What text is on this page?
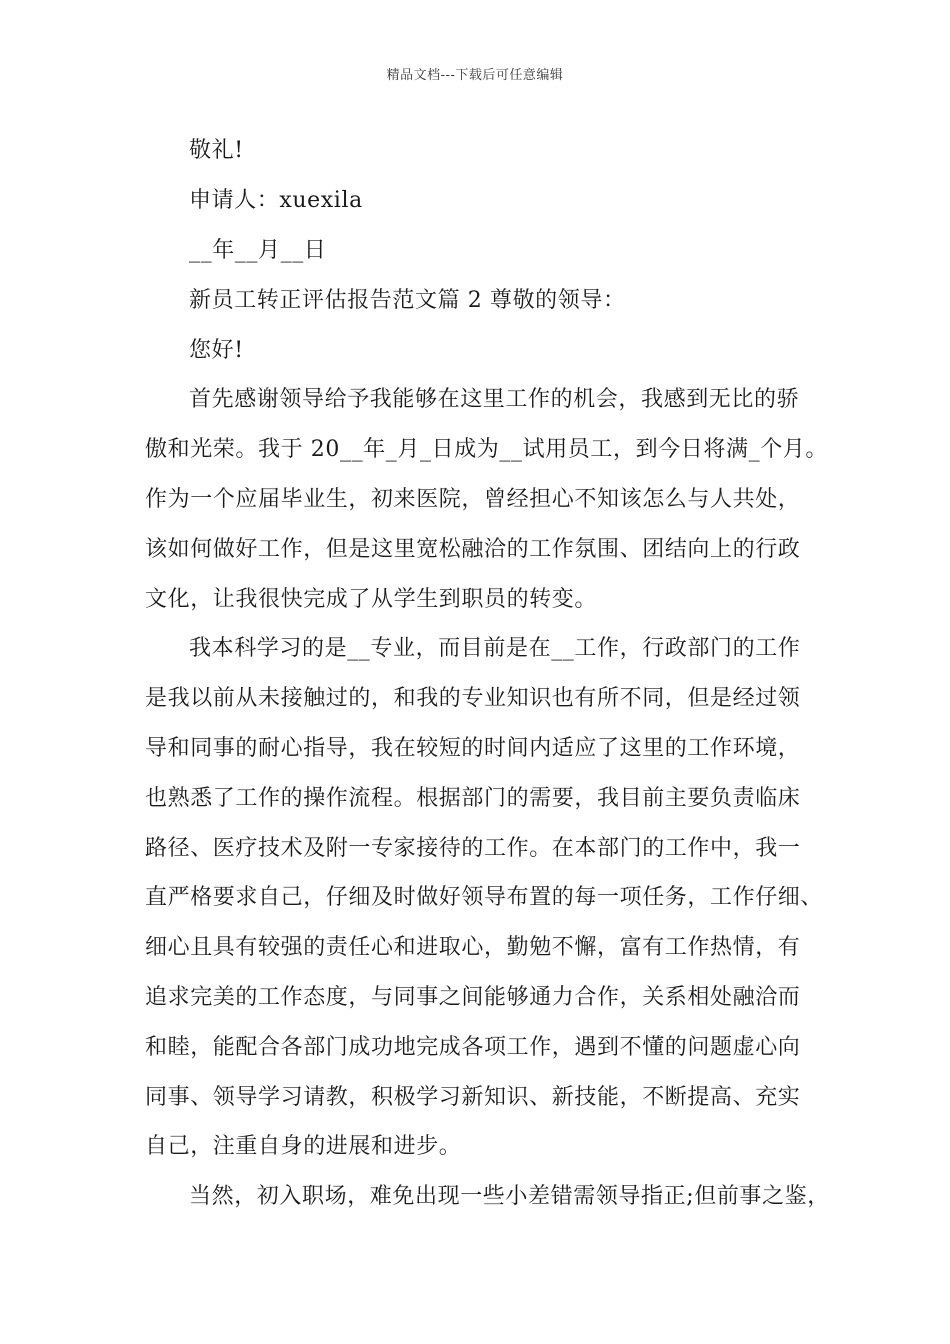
精品文档---下载后可任意编辑
敬礼!
申请人：xuexila
__年__月__日
新员工转正评估报告范文篇 2 尊敬的领导：
您好!
首先感谢领导给予我能够在这里工作的机会，我感到无比的骄
傲和光荣。我于 20__年_月_日成为__试用员工，到今日将满_个月。
作为一个应届毕业生，初来医院，曾经担心不知该怎么与人共处，
该如何做好工作，但是这里宽松融洽的工作氛围、团结向上的行政
文化，让我很快完成了从学生到职员的转变。
我本科学习的是__专业，而目前是在__工作，行政部门的工作
是我以前从未接触过的，和我的专业知识也有所不同，但是经过领
导和同事的耐心指导，我在较短的时间内适应了这里的工作环境，
也熟悉了工作的操作流程。根据部门的需要，我目前主要负责临床
路径、医疗技术及附一专家接待的工作。在本部门的工作中，我一
直严格要求自己，仔细及时做好领导布置的每一项任务，工作仔细、
细心且具有较强的责任心和进取心，勤勉不懈，富有工作热情，有
追求完美的工作态度，与同事之间能够通力合作，关系相处融洽而
和睦，能配合各部门成功地完成各项工作，遇到不懂的问题虚心向
同事、领导学习请教，积极学习新知识、新技能，不断提高、充实
自己，注重自身的进展和进步。
当然，初入职场，难免出现一些小差错需领导指正;但前事之鉴，
